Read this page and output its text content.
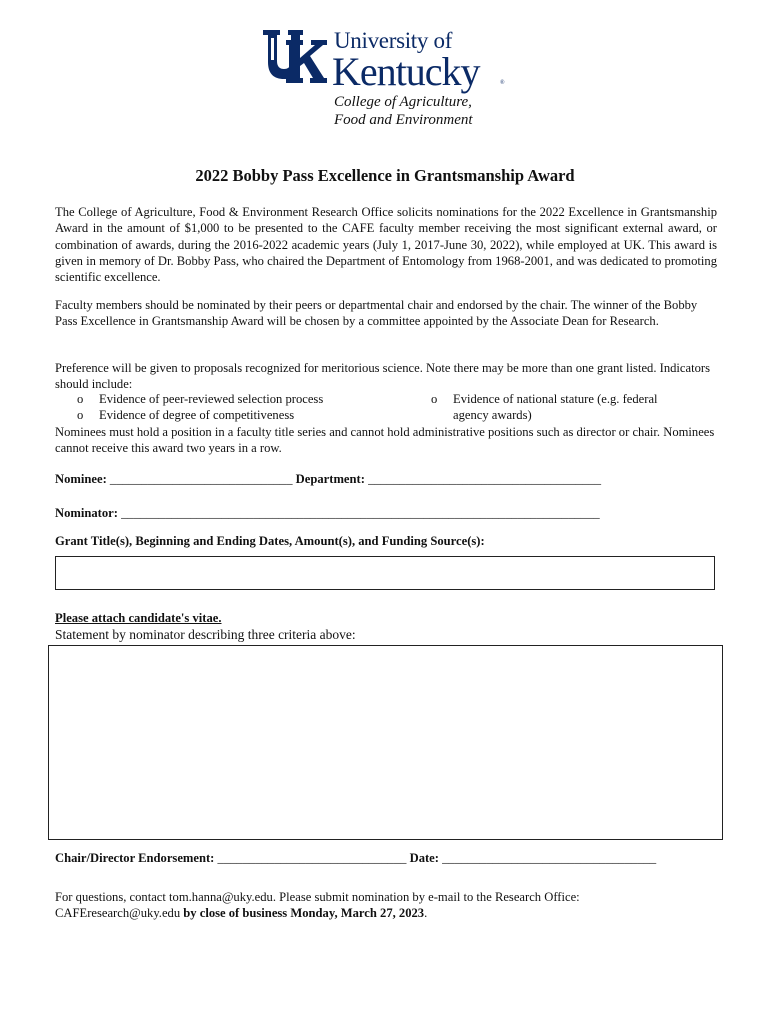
University of
Kentucky	®
College of Agriculture,
Food and Environment
2022 Bobby Pass Excellence in Grantsmanship Award
The College of Agriculture, Food & Environment Research Office solicits nominations for the 2022 Excellence in Grantsmanship Award in the amount of $1,000 to be presented to the CAFE faculty member receiving the most significant external award, or combination of awards, during the 2016-2022 academic years (July 1, 2017-June 30, 2022), while employed at UK. This award is given in memory of Dr. Bobby Pass, who chaired the Department of Entomology from 1968-2001, and was dedicated to promoting scientific excellence.
Faculty members should be nominated by their peers or departmental chair and endorsed by the chair. The winner of the Bobby Pass Excellence in Grantsmanship Award will be chosen by a committee appointed by the Associate Dean for Research.
Preference will be given to proposals recognized for meritorious science. Note there may be more than one grant listed. Indicators should include:
o Evidence of peer-reviewed selection process
o Evidence of degree of competitiveness
o Evidence of national stature (e.g. federal
agency awards)
Nominees must hold a position in a faculty title series and cannot hold administrative positions such as director or chair. Nominees cannot receive this award two years in a row.
Nominee: _____________________________ Department: _____________________________________
Nominator: ____________________________________________________________________________
Grant Title(s), Beginning and Ending Dates, Amount(s), and Funding Source(s):
Please attach candidate's vitae.
Statement by nominator describing three criteria above:
Chair/Director Endorsement: ______________________________ Date: __________________________________
For questions, contact tom.hanna@uky.edu. Please submit nomination by e-mail to the Research Office:
CAFEresearch@uky.edu by close of business Monday, March 27, 2023.
